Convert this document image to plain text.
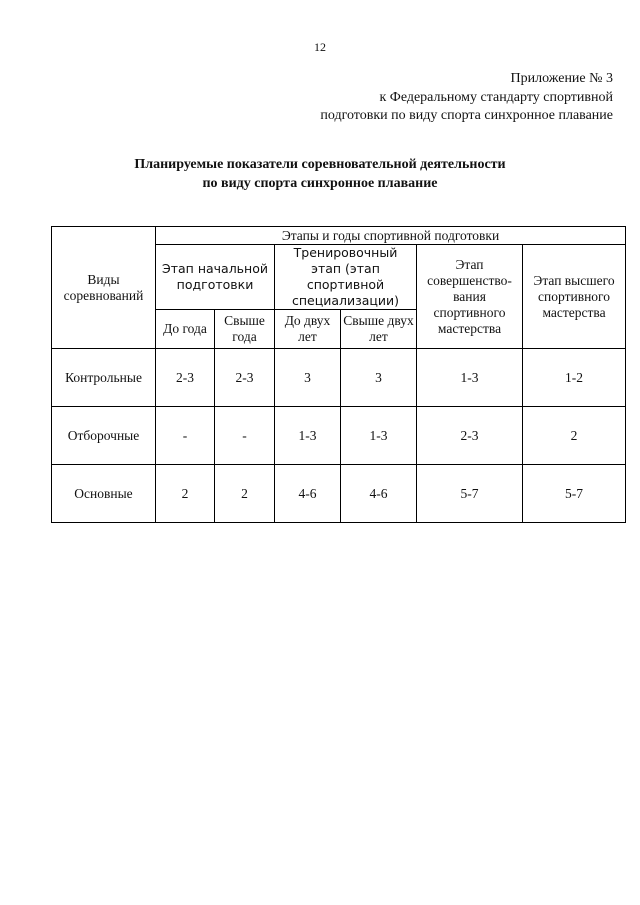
12
Приложение № 3
к Федеральному стандарту спортивной
подготовки по виду спорта синхронное плавание
Планируемые показатели соревновательной деятельности
по виду спорта синхронное плавание
Виды соревнований	Этапы и годы спортивной подготовки					
	Этап начальной подготовки		Тренировочный этап (этап спортивной специализации)		Этап совершенство-вания спортивного мастерства	Этап высшего спортивного мастерства
	До года	Свыше года	До двух лет	Свыше двух лет		
Контрольные	2-3	2-3	3	3	1-3	1-2
Отборочные	-	-	1-3	1-3	2-3	2
Основные	2	2	4-6	4-6	5-7	5-7
